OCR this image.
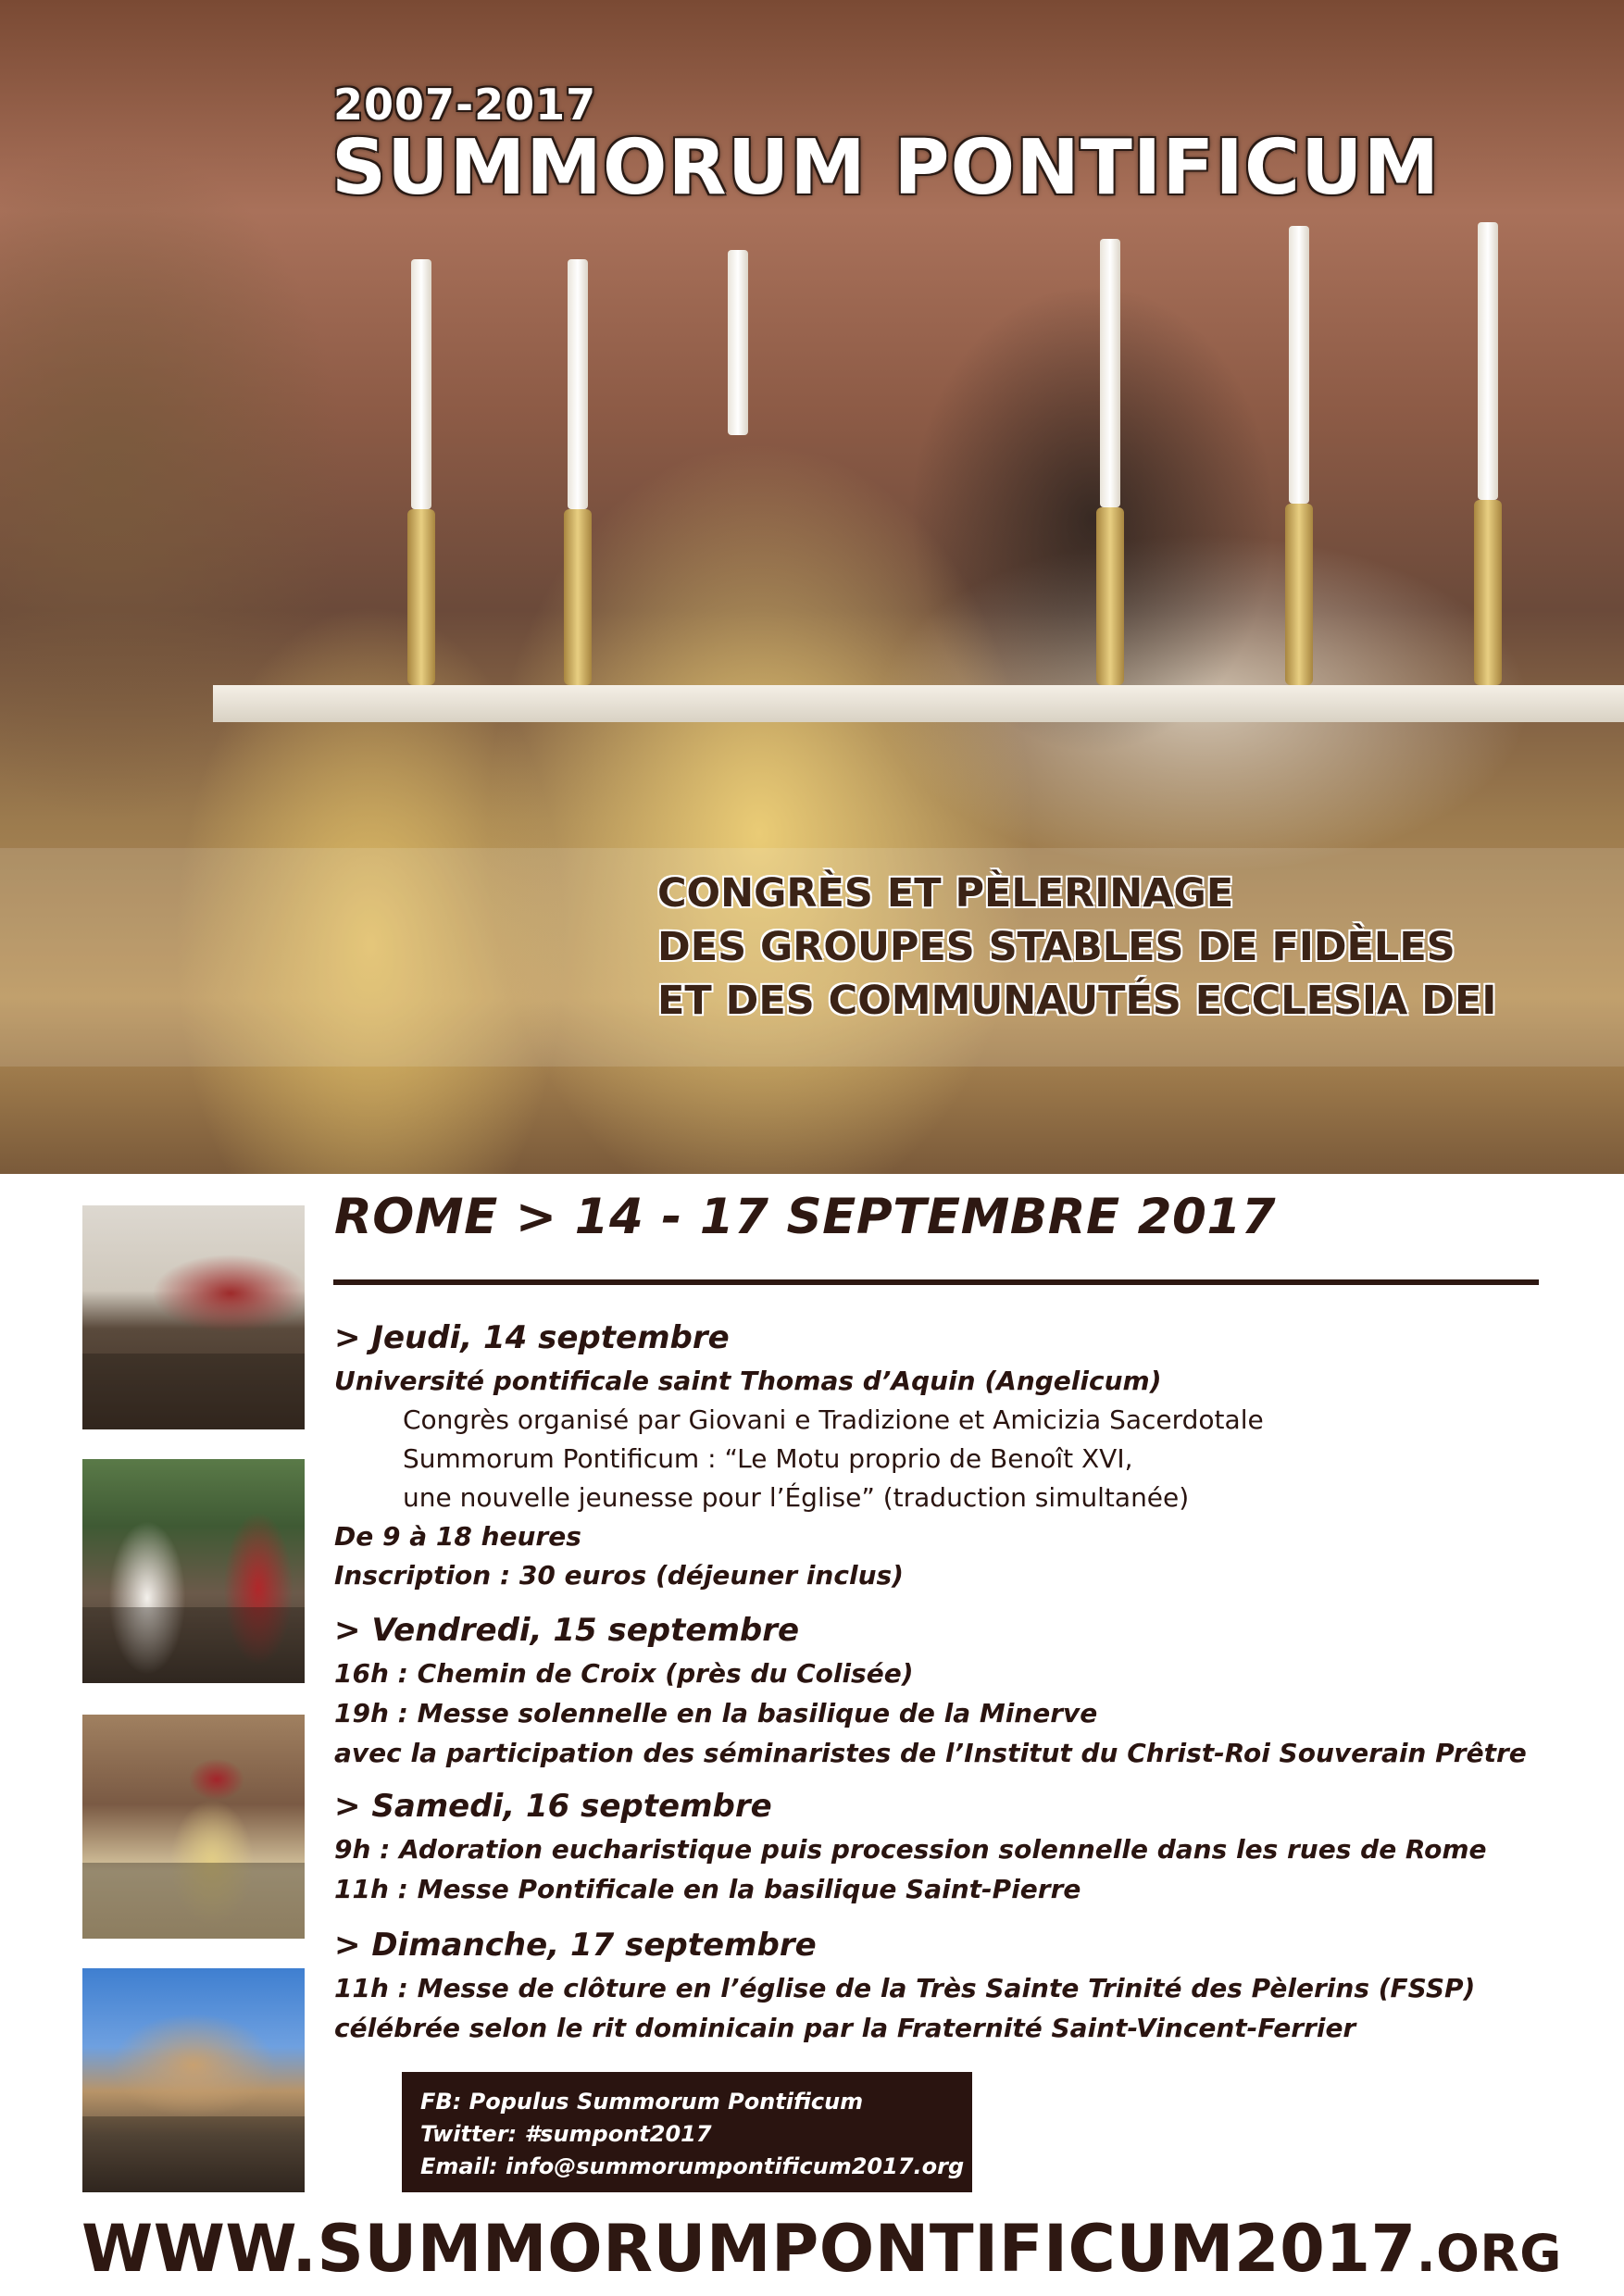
2007-2017
SUMMORUM PONTIFICUM
CONGRÈS ET PÈLERINAGE
DES GROUPES STABLES DE FIDÈLES
ET DES COMMUNAUTÉS ECCLESIA DEI
ROME > 14 - 17 SEPTEMBRE 2017
> Jeudi, 14 septembre
Université pontificale saint Thomas d’Aquin (Angelicum)
Congrès organisé par Giovani e Tradizione et Amicizia Sacerdotale
Summorum Pontificum : “Le Motu proprio de Benoît XVI,
une nouvelle jeunesse pour l’Église” (traduction simultanée)
De 9 à 18 heures
Inscription : 30 euros (déjeuner inclus)
> Vendredi, 15 septembre
16h : Chemin de Croix (près du Colisée)
19h : Messe solennelle en la basilique de la Minerve
avec la participation des séminaristes de l’Institut du Christ-Roi Souverain Prêtre
> Samedi, 16 septembre
9h : Adoration eucharistique puis procession solennelle dans les rues de Rome
11h : Messe Pontificale en la basilique Saint-Pierre
> Dimanche, 17 septembre
11h : Messe de clôture en l’église de la Très Sainte Trinité des Pèlerins (FSSP)
célébrée selon le rit dominicain par la Fraternité Saint-Vincent-Ferrier
FB: Populus Summorum Pontificum
Twitter: #sumpont2017
Email: info@summorumpontificum2017.org
WWW.SUMMORUMPONTIFICUM2017.ORG
